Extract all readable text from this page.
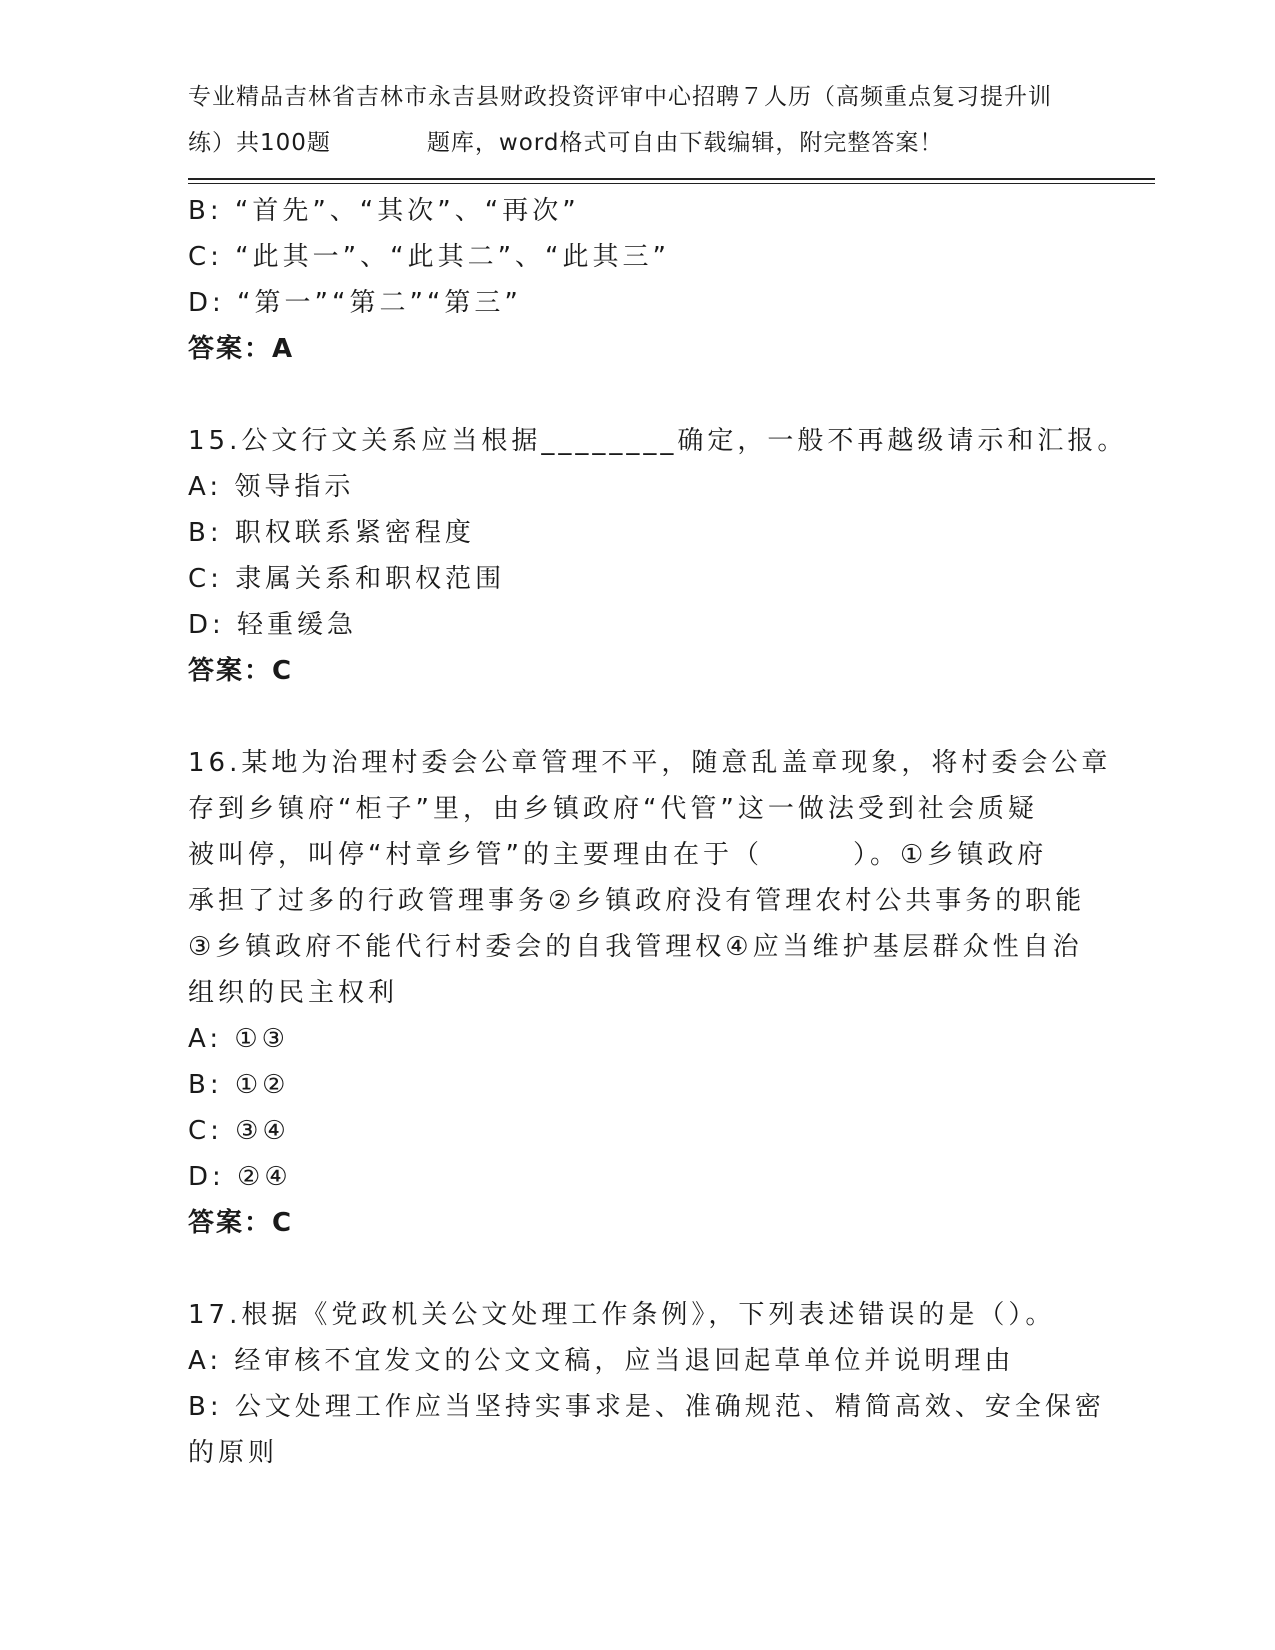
专业精品吉林省吉林市永吉县财政投资评审中心招聘７人历（高频重点复习提升训
练）共100题　　　　题库，word格式可自由下载编辑，附完整答案！
B: “首先”、“其次”、“再次”
C: “此其一”、“此其二”、“此其三”
D: “第一”“第二”“第三”
答案：A
15.公文行文关系应当根据________确定，一般不再越级请示和汇报。
A: 领导指示
B: 职权联系紧密程度
C: 隶属关系和职权范围
D: 轻重缓急
答案：C
16.某地为治理村委会公章管理不平，随意乱盖章现象，将村委会公章
存到乡镇府“柜子”里，由乡镇政府“代管”这一做法受到社会质疑
被叫停，叫停“村章乡管”的主要理由在于（　　　）。①乡镇政府
承担了过多的行政管理事务②乡镇政府没有管理农村公共事务的职能
③乡镇政府不能代行村委会的自我管理权④应当维护基层群众性自治
组织的民主权利
A: ①③
B: ①②
C: ③④
D: ②④
答案：C
17.根据《党政机关公文处理工作条例》，下列表述错误的是（）。
A: 经审核不宜发文的公文文稿，应当退回起草单位并说明理由
B: 公文处理工作应当坚持实事求是、准确规范、精简高效、安全保密
的原则
